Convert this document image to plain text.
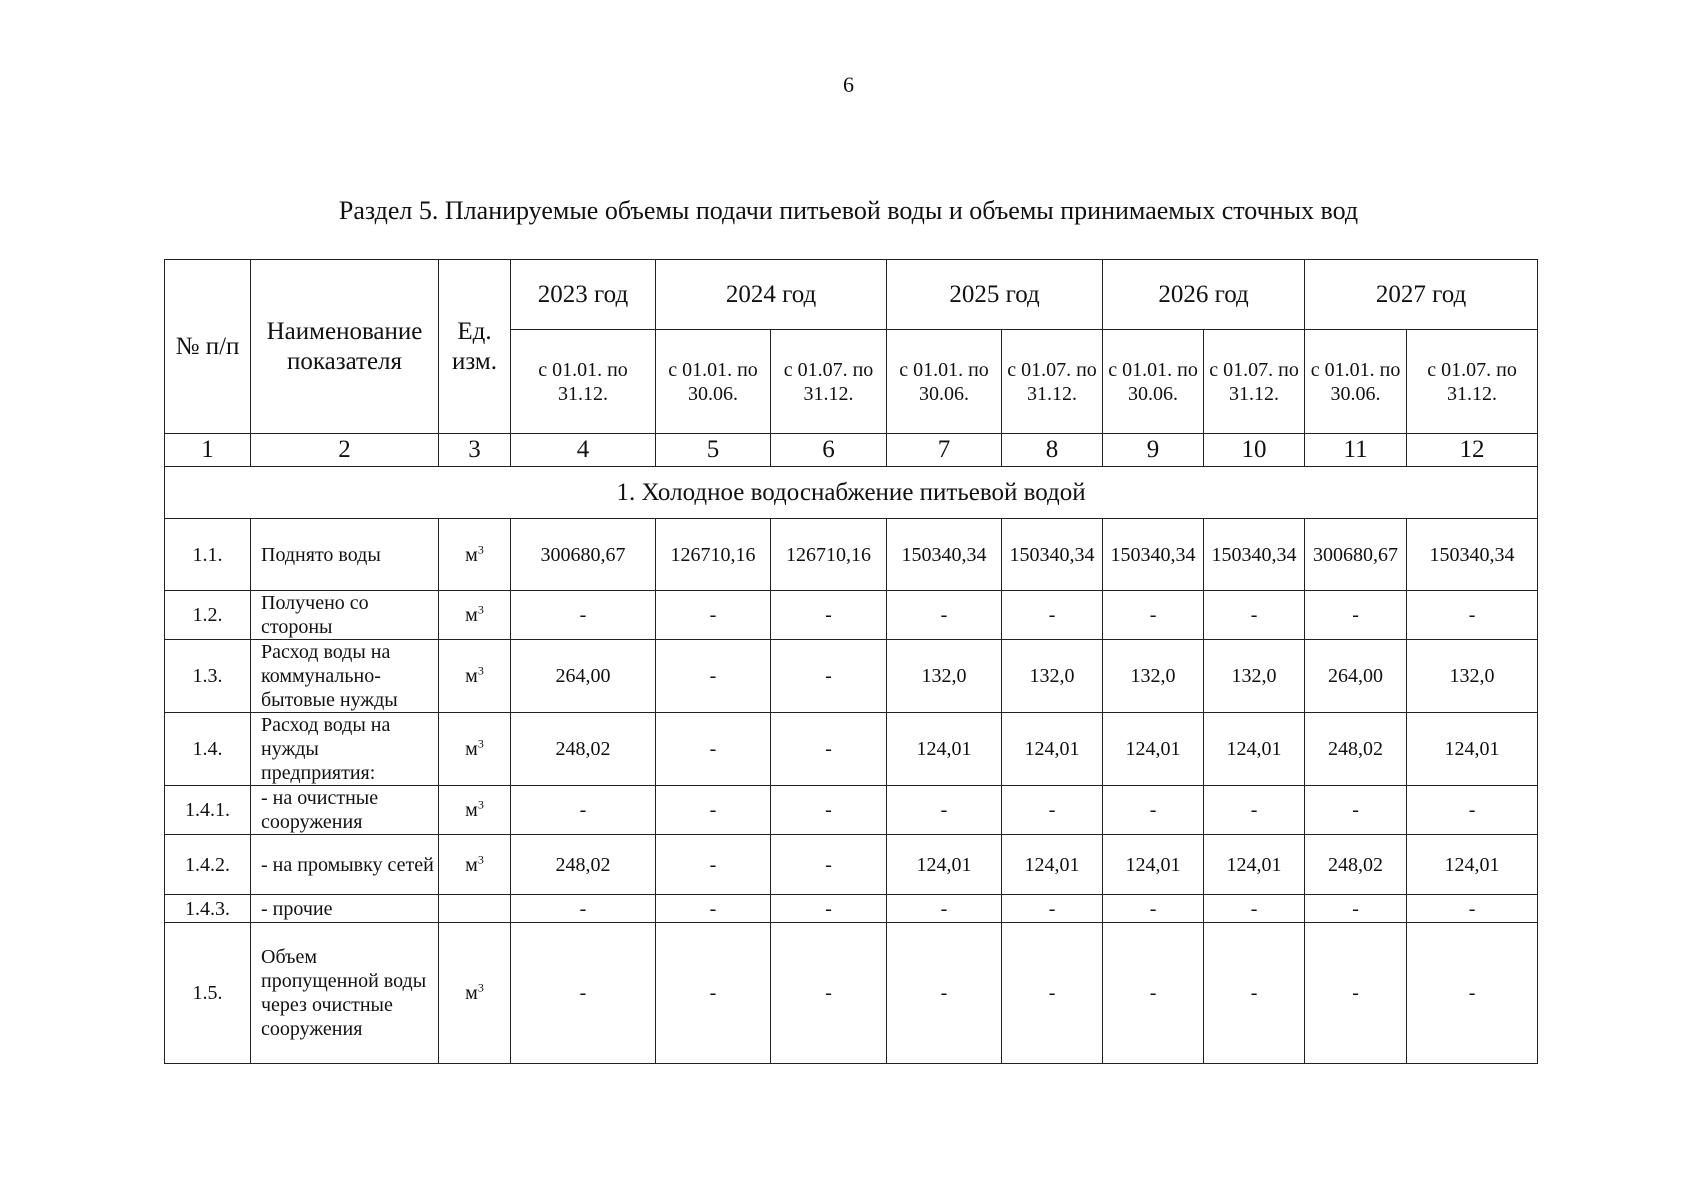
6
Раздел 5. Планируемые объемы подачи питьевой воды и объемы принимаемых сточных вод
№ п/п	Наименование показателя	Ед. изм.	2023 год	2024 год		2025 год		2026 год		2027 год	
			с 01.01. по 31.12.	с 01.01. по 30.06.	с 01.07. по 31.12.	с 01.01. по 30.06.	с 01.07. по 31.12.	с 01.01. по 30.06.	с 01.07. по 31.12.	с 01.01. по 30.06.	с 01.07. по 31.12.
1	2	3	4	5	6	7	8	9	10	11	12
1. Холодное водоснабжение питьевой водой											
1.1.	Поднято воды	$м^3$	300680,67	126710,16	126710,16	150340,34	150340,34	150340,34	150340,34	300680,67	150340,34
1.2.	Получено со стороны	$м^3$	-	-	-	-	-	-	-	-	-
1.3.	Расход воды на коммунально-бытовые нужды	$м^3$	264,00	-	-	132,0	132,0	132,0	132,0	264,00	132,0
1.4.	Расход воды на нужды предприятия:	$м^3$	248,02	-	-	124,01	124,01	124,01	124,01	248,02	124,01
1.4.1.	- на очистные сооружения	$м^3$	-	-	-	-	-	-	-	-	-
1.4.2.	- на промывку сетей	$м^3$	248,02	-	-	124,01	124,01	124,01	124,01	248,02	124,01
1.4.3.	- прочие		-	-	-	-	-	-	-	-	-
1.5.	Объем пропущенной воды через очистные сооружения	$м^3$	-	-	-	-	-	-	-	-	-
